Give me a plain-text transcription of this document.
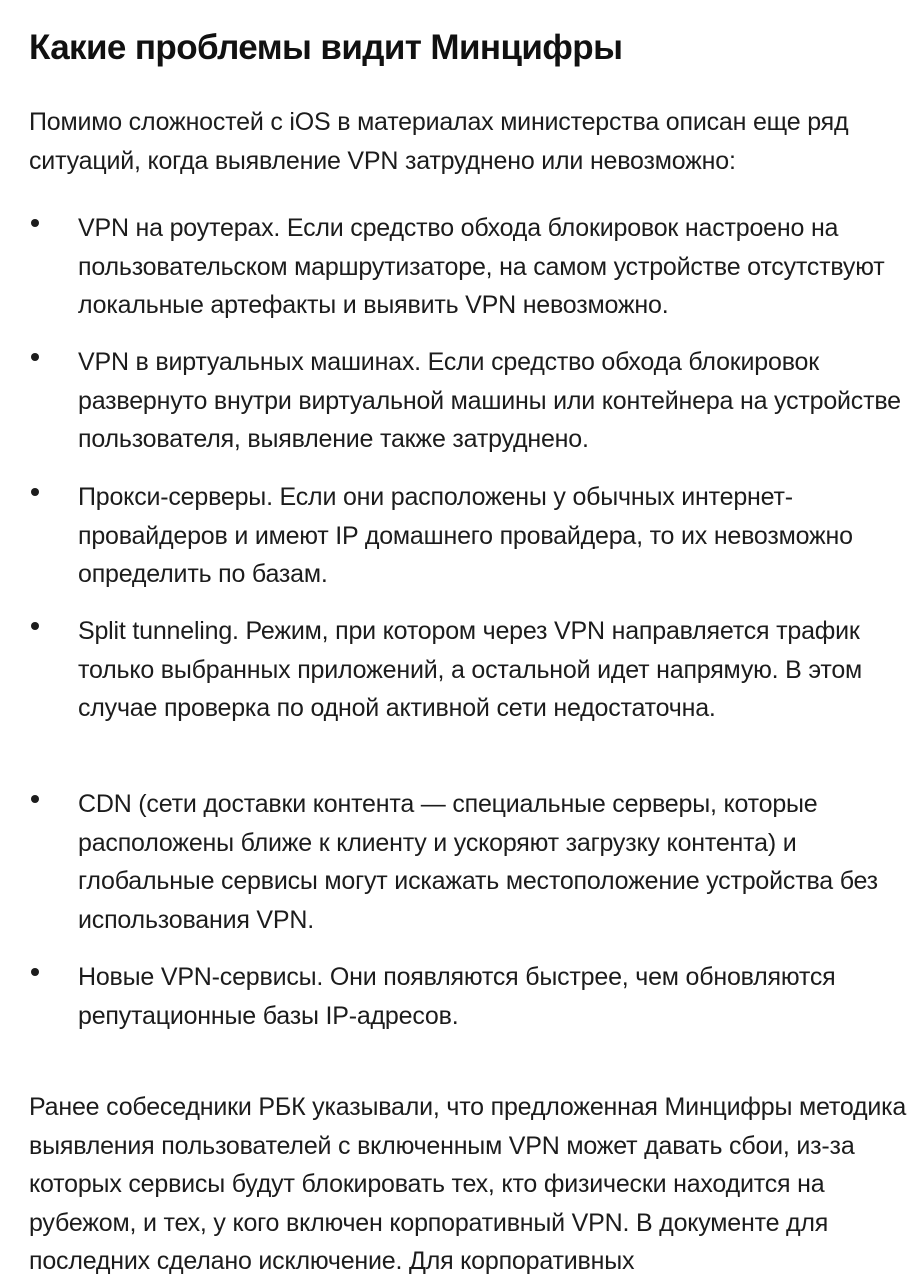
Какие проблемы видит Минцифры

Помимо сложностей с iOS в материалах министерства описан еще ряд ситуаций, когда выявление VPN затруднено или невозможно:

VPN на роутерах. Если средство обхода блокировок настроено на пользовательском маршрутизаторе, на самом устройстве отсутствуют локальные артефакты и выявить VPN невозможно.

VPN в виртуальных машинах. Если средство обхода блокировок развернуто внутри виртуальной машины или контейнера на устройстве пользователя, выявление также затруднено.

Прокси-серверы. Если они расположены у обычных интернет-провайдеров и имеют IP домашнего провайдера, то их невозможно определить по базам.

Split tunneling. Режим, при котором через VPN направляется трафик только выбранных приложений, а остальной идет напрямую. В этом случае проверка по одной активной сети недостаточна.

CDN (сети доставки контента — специальные серверы, которые расположены ближе к клиенту и ускоряют загрузку контента) и глобальные сервисы могут искажать местоположение устройства без использования VPN.

Новые VPN-сервисы. Они появляются быстрее, чем обновляются репутационные базы IP-адресов.

Ранее собеседники РБК указывали, что предложенная Минцифры методика выявления пользователей с включенным VPN может давать сбои, из-за которых сервисы будут блокировать тех, кто физически находится на рубежом, и тех, у кого включен корпоративный VPN. В документе для последних сделано исключение. Для корпоративных
